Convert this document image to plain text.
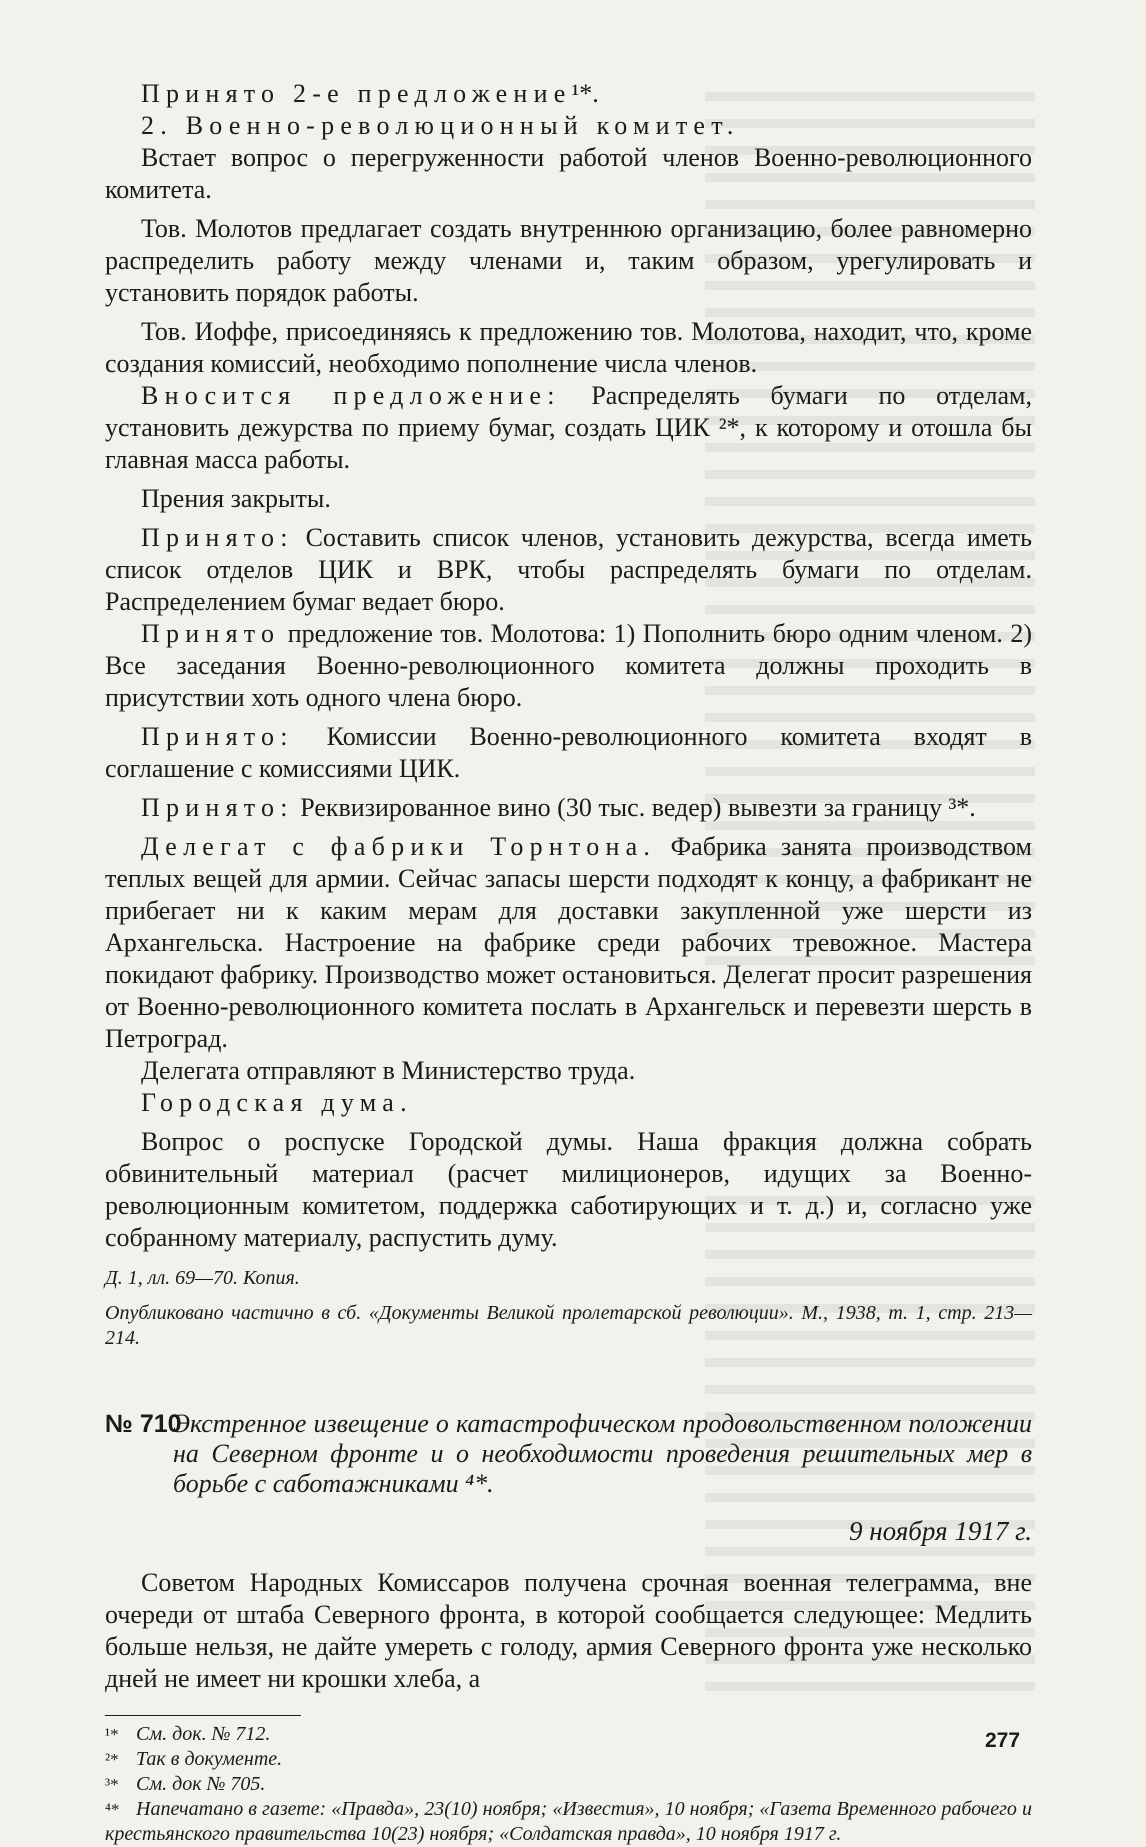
Принято 2-е предложение¹*.

2. Военно-революционный комитет.

Встает вопрос о перегруженности работой членов Военно-революционного комитета.

Тов. Молотов предлагает создать внутреннюю организацию, более равномерно распределить работу между членами и, таким образом, урегулировать и установить порядок работы.

Тов. Иоффе, присоединяясь к предложению тов. Молотова, находит, что, кроме создания комиссий, необходимо пополнение числа членов.

Вносится предложение: Распределять бумаги по отделам, установить дежурства по приему бумаг, создать ЦИК ²*, к которому и отошла бы главная масса работы.

Прения закрыты.

Принято: Составить список членов, установить дежурства, всегда иметь список отделов ЦИК и ВРК, чтобы распределять бумаги по отделам. Распределением бумаг ведает бюро.

Принято предложение тов. Молотова: 1) Пополнить бюро одним членом. 2) Все заседания Военно-революционного комитета должны проходить в присутствии хоть одного члена бюро.

Принято: Комиссии Военно-революционного комитета входят в соглашение с комиссиями ЦИК.

Принято: Реквизированное вино (30 тыс. ведер) вывезти за границу ³*.

Делегат с фабрики Торнтона. Фабрика занята производством теплых вещей для армии. Сейчас запасы шерсти подходят к концу, а фабрикант не прибегает ни к каким мерам для доставки закупленной уже шерсти из Архангельска. Настроение на фабрике среди рабочих тревожное. Мастера покидают фабрику. Производство может остановиться. Делегат просит разрешения от Военно-революционного комитета послать в Архангельск и перевезти шерсть в Петроград.

Делегата отправляют в Министерство труда.

Городская дума.

Вопрос о роспуске Городской думы. Наша фракция должна собрать обвинительный материал (расчет милиционеров, идущих за Военно-революционным комитетом, поддержка саботирующих и т. д.) и, согласно уже собранному материалу, распустить думу.

Д. 1, лл. 69—70. Копия.

Опубликовано частично в сб. «Документы Великой пролетарской революции». М., 1938, т. 1, стр. 213—214.

№ 710

Экстренное извещение о катастрофическом продовольственном положении на Северном фронте и о необходимости проведения решительных мер в борьбе с саботажниками ⁴*.

9 ноября 1917 г.

Советом Народных Комиссаров получена срочная военная телеграмма, вне очереди от штаба Северного фронта, в которой сообщается следующее: Медлить больше нельзя, не дайте умереть с голоду, армия Северного фронта уже несколько дней не имеет ни крошки хлеба, а

¹* См. док. № 712.

²* Так в документе.

³* См. док № 705.

⁴* Напечатано в газете: «Правда», 23(10) ноября; «Известия», 10 ноября; «Газета Временного рабочего и крестьянского правительства 10(23) ноября; «Солдатская правда», 10 ноября 1917 г.

277
